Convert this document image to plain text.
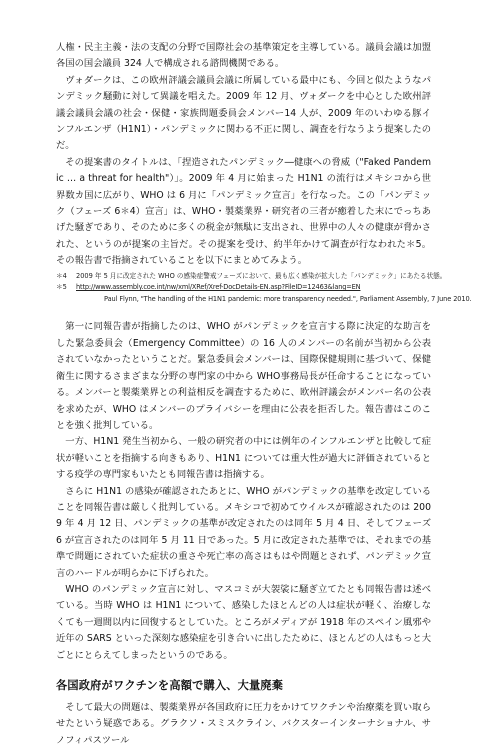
人権・民主主義・法の支配の分野で国際社会の基準策定を主導している。議員会議は加盟各国の国会議員 324 人で構成される諮問機関である。

ヴォダークは、この欧州評議会議員会議に所属している最中にも、今回と似たようなパンデミック騒動に対して異議を唱えた。2009 年 12 月、ヴォダークを中心とした欧州評議会議員会議の社会・保健・家族問題委員会メンバー14 人が、2009 年のいわゆる豚インフルエンザ（H1N1）・パンデミックに関わる不正に関し、調査を行なうよう提案したのだ。

その提案書のタイトルは、「捏造されたパンデミック―健康への脅威（"Faked Pandemic … a threat for health"）」。2009 年 4 月に始まった H1N1 の流行はメキシコから世界数カ国に広がり、WHO は 6 月に「パンデミック宣言」を行なった。この「パンデミック（フェーズ 6＊4）宣言」は、WHO・製薬業界・研究者の三者が癒着した末にでっちあげた騒ぎであり、そのために多くの税金が無駄に支出され、世界中の人々の健康が脅かされた、というのが提案の主旨だ。その提案を受け、約半年かけて調査が行なわれた＊5。その報告書で指摘されていることを以下にまとめてみよう。

＊4 2009 年 5 月に改定された WHO の感染症警戒フェーズにおいて、最も広く感染が拡大した「パンデミック」にあたる状態。
＊5 http://www.assembly.coe.int/nw/xml/XRef/Xref-DocDetails-EN.asp?FileID=12463&lang=EN
Paul Flynn, "The handling of the H1N1 pandemic: more transparency needed.", Parliament Assembly, 7 June 2010.

第一に同報告書が指摘したのは、WHO がパンデミックを宣言する際に決定的な助言をした緊急委員会（Emergency Committee）の 16 人のメンバーの名前が当初から公表されていなかったということだ。緊急委員会メンバーは、国際保健規則に基づいて、保健衛生に関するさまざまな分野の専門家の中から WHO事務局長が任命することになっている。メンバーと製薬業界との利益相反を調査するために、欧州評議会がメンバー名の公表を求めたが、WHO はメンバーのプライバシーを理由に公表を拒否した。報告書はこのことを強く批判している。

一方、H1N1 発生当初から、一般の研究者の中には例年のインフルエンザと比較して症状が軽いことを指摘する向きもあり、H1N1 については重大性が過大に評価されているとする疫学の専門家もいたとも同報告書は指摘する。

さらに H1N1 の感染が確認されたあとに、WHO がパンデミックの基準を改定していることを同報告書は厳しく批判している。メキシコで初めてウイルスが確認されたのは 2009 年 4 月 12 日、パンデミックの基準が改定されたのは同年 5 月 4 日、そしてフェーズ 6 が宣言されたのは同年 5 月 11 日であった。5 月に改定された基準では、それまでの基準で問題にされていた症状の重さや死亡率の高さはもはや問題とされず、パンデミック宣言のハードルが明らかに下げられた。

WHO のパンデミック宣言に対し、マスコミが大袈裟に騒ぎ立てたとも同報告書は述べている。当時 WHO は H1N1 について、感染したほとんどの人は症状が軽く、治療しなくても一週間以内に回復するとしていた。ところがメディアが 1918 年のスペイン風邪や近年の SARS といった深刻な感染症を引き合いに出したために、ほとんどの人はもっと大ごとにとらえてしまったというのである。

各国政府がワクチンを高額で購入、大量廃棄

そして最大の問題は、製薬業界が各国政府に圧力をかけてワクチンや治療薬を買い取らせたという疑惑である。グラクソ・スミスクライン、バクスターインターナショナル、サノフィパスツール
